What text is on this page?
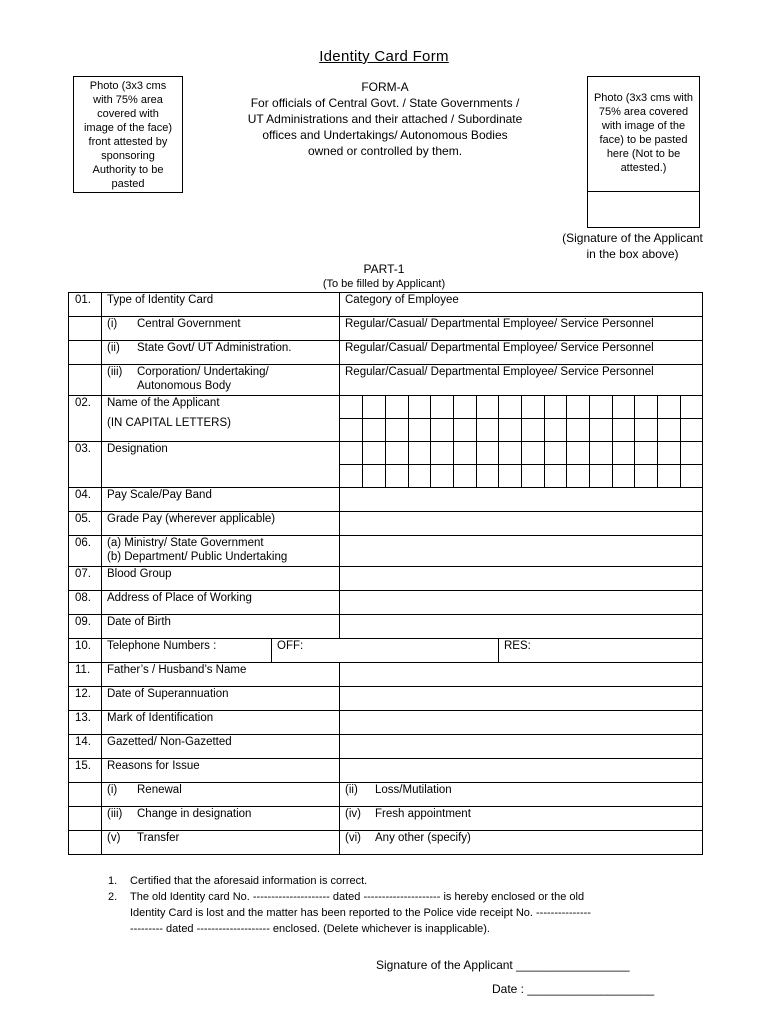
Identity Card Form
Photo (3x3 cms
with 75% area
covered with
image of the face)
front attested by
sponsoring
Authority to be
pasted
FORM-A
For officials of Central Govt. / State Governments /
UT Administrations and their attached / Subordinate
offices and Undertakings/ Autonomous Bodies
owned or controlled by them.
Photo (3x3 cms with
75% area covered
with image of the
face) to be pasted
here (Not to be
attested.)
(Signature of the Applicant
in the box above)
PART-1
(To be filled by Applicant)
01.	Type of Identity Card		Category of Employee															
	(i) Central Government		Regular/Casual/ Departmental Employee/ Service Personnel															
	(ii) State Govt/ UT Administration.		Regular/Casual/ Departmental Employee/ Service Personnel															

	(iii) Corporation/ Undertaking/
Autonomous Body		Regular/Casual/ Departmental Employee/ Service Personnel															
02.	Name of the Applicant
(IN CAPITAL LETTERS)																	

03.	Designation																	

04.	Pay Scale/Pay Band																	
05.	Grade Pay (wherever applicable)																	
06.	(a) Ministry/ State Government
(b) Department/ Public Undertaking																	

07.	Blood Group																	
08.	Address of Place of Working																	
09.	Date of Birth																	
10.	Telephone Numbers :	OFF:								RES:								
11.	Father’s / Husband’s Name																	
12.	Date of Superannuation																	
13.	Mark of Identification																	
14.	Gazetted/ Non-Gazetted																	
15.	Reasons for Issue																	
	(i) Renewal		(ii) Loss/Mutilation															
	(iii) Change in designation		(iv) Fresh appointment															
	(v) Transfer		(vi) Any other (specify)															
1. Certified that the aforesaid information is correct.
2. The old Identity card No. --------------------- dated --------------------- is hereby enclosed or the old
Identity Card is lost and the matter has been reported to the Police vide receipt No. ---------------
--------- dated -------------------- enclosed. (Delete whichever is inapplicable).
Signature of the Applicant _________________
Date : ___________________
